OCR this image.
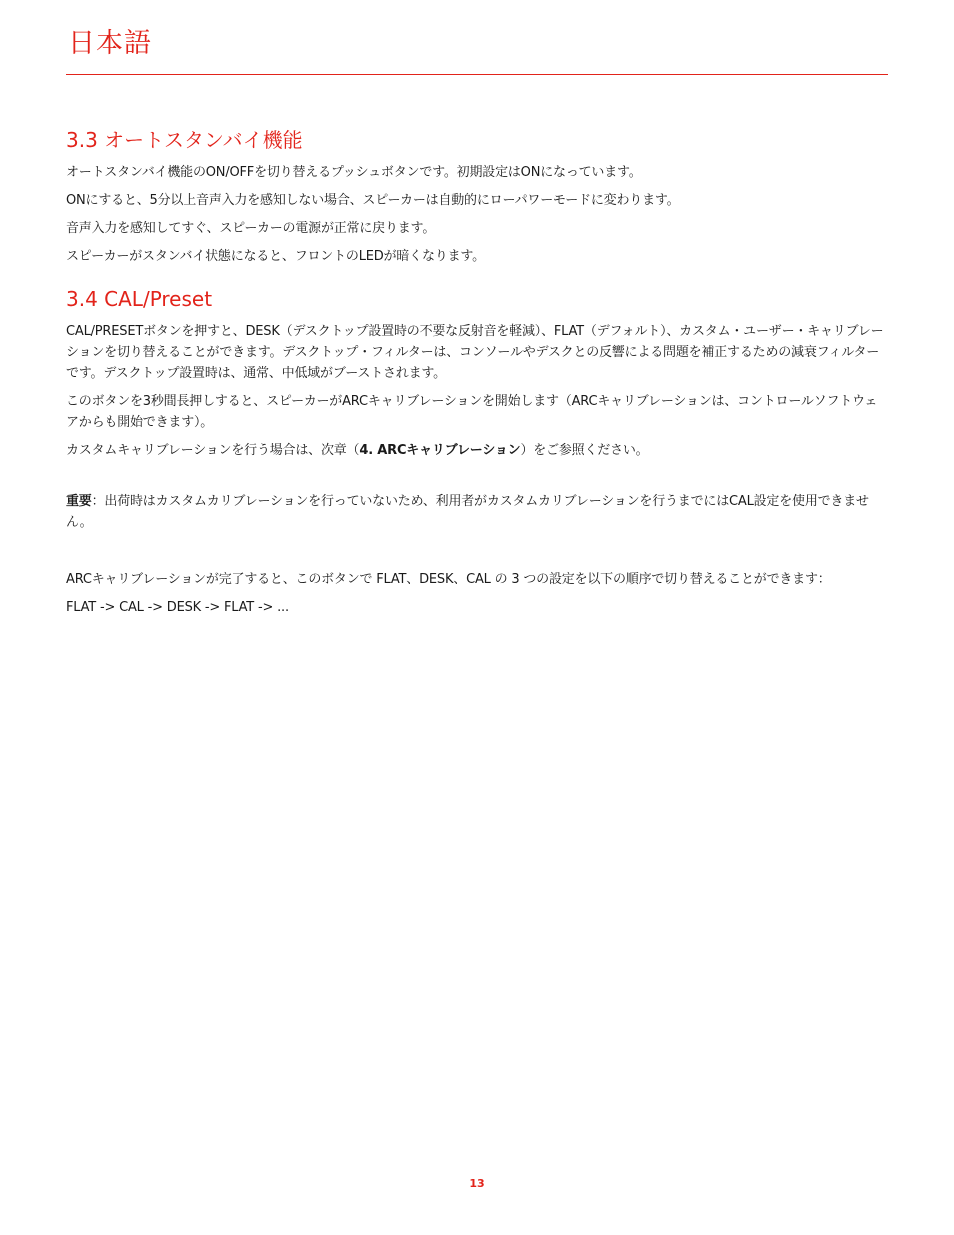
日本語
3.3 オートスタンバイ機能

オートスタンバイ機能のON/OFFを切り替えるプッシュボタンです。初期設定はONになっています。

ONにすると、5分以上音声入力を感知しない場合、スピーカーは自動的にローパワーモードに変わります。

音声入力を感知してすぐ、スピーカーの電源が正常に戻ります。

スピーカーがスタンバイ状態になると、フロントのLEDが暗くなります。

3.4 CAL/Preset

CAL/PRESETボタンを押すと、DESK（デスクトップ設置時の不要な反射音を軽減）、FLAT（デフォルト）、カスタム・ユーザー・キャリブレーションを切り替えることができます。デスクトップ・フィルターは、コンソールやデスクとの反響による問題を補正するための減衰フィルターです。デスクトップ設置時は、通常、中低域がブーストされます。

このボタンを3秒間長押しすると、スピーカーがARCキャリブレーションを開始します（ARCキャリブレーションは、コントロールソフトウェアからも開始できます）。

カスタムキャリブレーションを行う場合は、次章（4. ARCキャリブレーション）をご参照ください。

重要：出荷時はカスタムカリブレーションを行っていないため、利用者がカスタムカリブレーションを行うまでにはCAL設定を使用できません。

ARCキャリブレーションが完了すると、このボタンで FLAT、DESK、CAL の 3 つの設定を以下の順序で切り替えることができます：

FLAT -> CAL -> DESK -> FLAT -> ...

13
